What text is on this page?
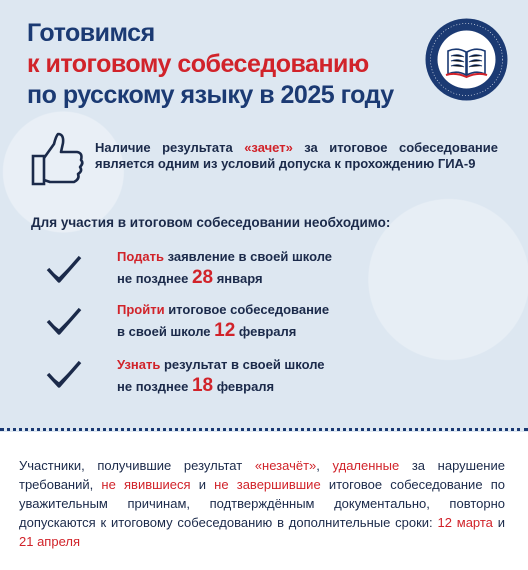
Готовимся
к итоговому собеседованию
по русскому языку в 2025 году
Наличие результата «зачет» за итоговое собеседование является одним из условий допуска к прохождению ГИА-9
Для участия в итоговом собеседовании необходимо:
Подать заявление в своей школе
не позднее 28 января
Пройти итоговое собеседование
в своей школе 12 февраля
Узнать результат в своей школе
не позднее 18 февраля
Участники, получившие результат «незачёт», удаленные за нарушение требований, не явившиеся и не завершившие итоговое собеседование по уважительным причинам, подтверждённым документально, повторно допускаются к итоговому собеседованию в дополнительные сроки: 12 марта и 21 апреля
